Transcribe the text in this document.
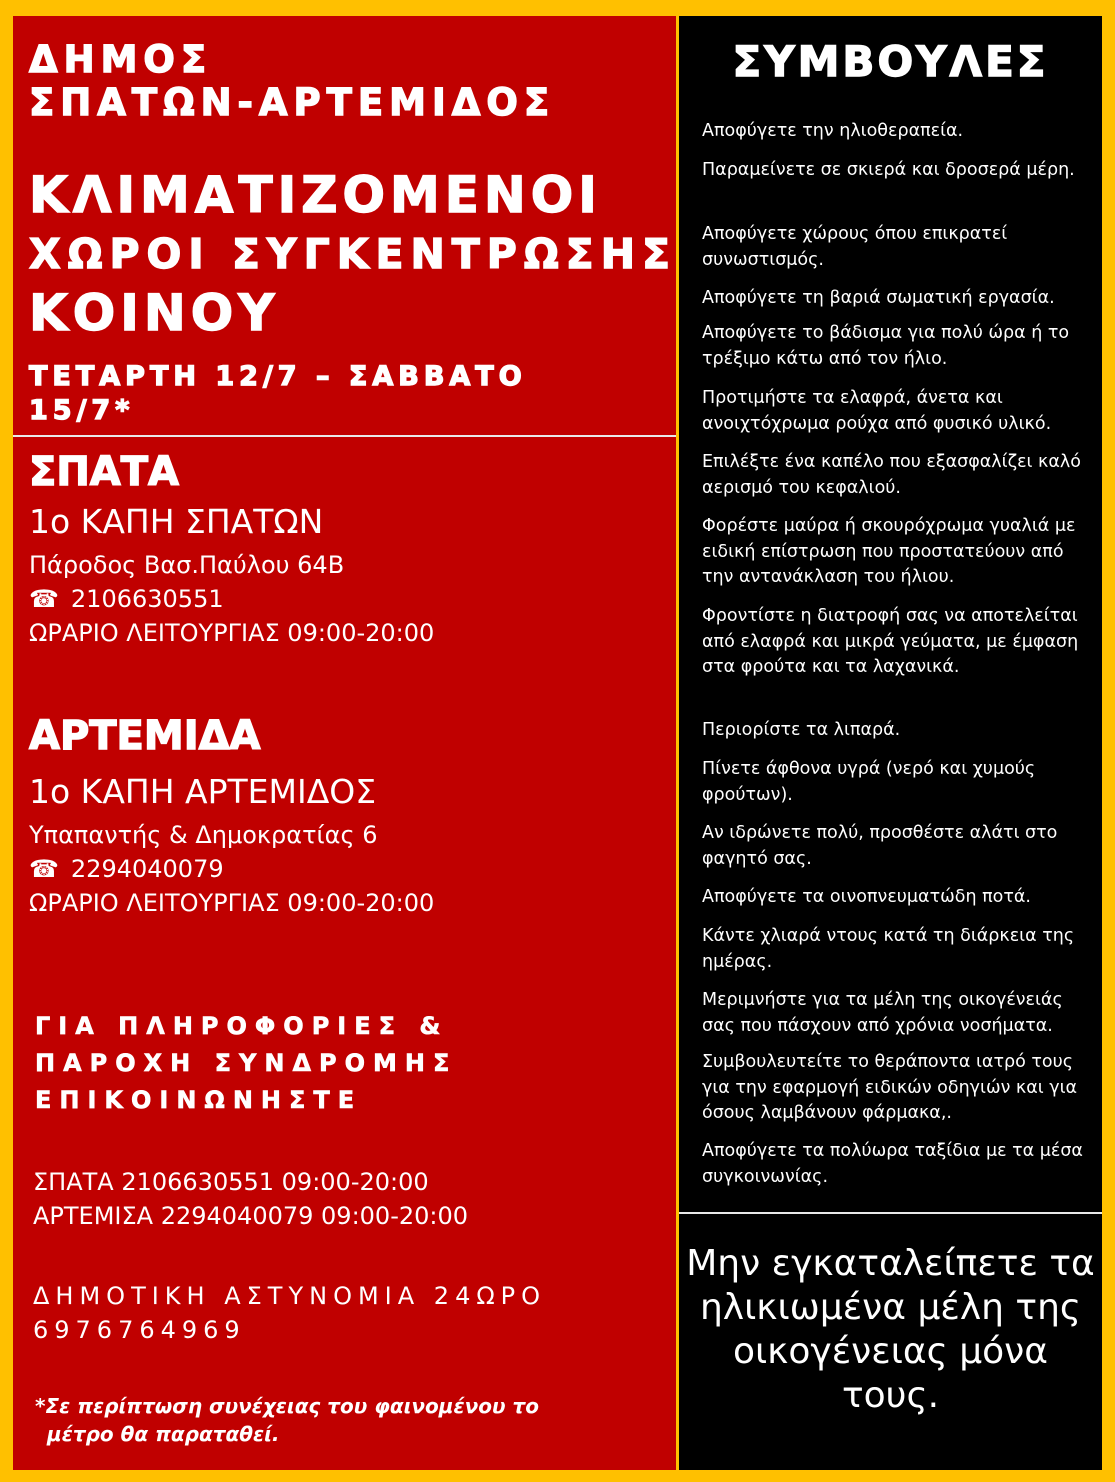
ΔΗΜΟΣ
ΣΠΑΤΩΝ-ΑΡΤΕΜΙΔΟΣ
ΚΛΙΜΑΤΙΖΟΜΕΝΟΙ
ΧΩΡΟΙ ΣΥΓΚΕΝΤΡΩΣΗΣ
ΚΟΙΝΟΥ
ΤΕΤΑΡΤΗ 12/7 – ΣΑΒΒΑΤΟ
15/7*
ΣΠΑΤΑ
1ο ΚΑΠΗ ΣΠΑΤΩΝ
Πάροδος Βασ.Παύλου 64Β
☎ 2106630551
ΩΡΑΡΙΟ ΛΕΙΤΟΥΡΓΙΑΣ 09:00-20:00
ΑΡΤΕΜΙΔΑ
1ο ΚΑΠΗ ΑΡΤΕΜΙΔΟΣ
Υπαπαντής & Δημοκρατίας 6
☎ 2294040079
ΩΡΑΡΙΟ ΛΕΙΤΟΥΡΓΙΑΣ 09:00-20:00
ΓΙΑ ΠΛΗΡΟΦΟΡΙΕΣ &
ΠΑΡΟΧΗ ΣΥΝΔΡΟΜΗΣ
ΕΠΙΚΟΙΝΩΝΗΣΤΕ
ΣΠΑΤΑ 2106630551 09:00-20:00
ΑΡΤΕΜΙΣΑ 2294040079 09:00-20:00
ΔΗΜΟΤΙΚΗ ΑΣΤΥΝΟΜΙΑ 24ΩΡΟ
6976764969
*Σε περίπτωση συνέχειας του φαινομένου το
μέτρο θα παραταθεί.
ΣΥΜΒΟΥΛΕΣ
Αποφύγετε την ηλιοθεραπεία.
Παραμείνετε σε σκιερά και δροσερά μέρη.
Αποφύγετε χώρους όπου επικρατεί συνωστισμός.
Αποφύγετε τη βαριά σωματική εργασία.
Αποφύγετε το βάδισμα για πολύ ώρα ή το τρέξιμο κάτω από τον ήλιο.
Προτιμήστε τα ελαφρά, άνετα και ανοιχτόχρωμα ρούχα από φυσικό υλικό.
Επιλέξτε ένα καπέλο που εξασφαλίζει καλό αερισμό του κεφαλιού.
Φορέστε μαύρα ή σκουρόχρωμα γυαλιά με ειδική επίστρωση που προστατεύουν από την αντανάκλαση του ήλιου.
Φροντίστε η διατροφή σας να αποτελείται από ελαφρά και μικρά γεύματα, με έμφαση στα φρούτα και τα λαχανικά.
Περιορίστε τα λιπαρά.
Πίνετε άφθονα υγρά (νερό και χυμούς φρούτων).
Αν ιδρώνετε πολύ, προσθέστε αλάτι στο φαγητό σας.
Αποφύγετε τα οινοπνευματώδη ποτά.
Κάντε χλιαρά ντους κατά τη διάρκεια της ημέρας.
Μεριμνήστε για τα μέλη της οικογένειάς σας που πάσχουν από χρόνια νοσήματα.
Συμβουλευτείτε το θεράποντα ιατρό τους για την εφαρμογή ειδικών οδηγιών και για όσους λαμβάνουν φάρμακα,.
Αποφύγετε τα πολύωρα ταξίδια με τα μέσα συγκοινωνίας.
Μην εγκαταλείπετε τα ηλικιωμένα μέλη της οικογένειας μόνα τους.
